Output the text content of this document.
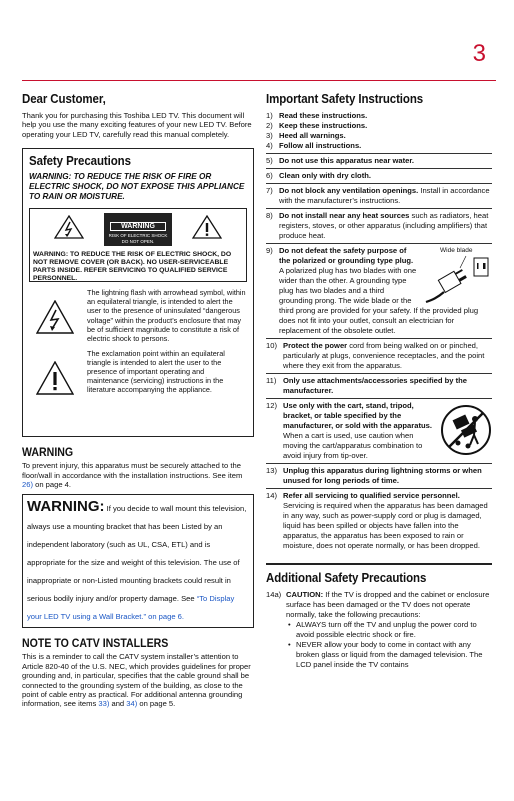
3
Dear Customer,

Thank you for purchasing this Toshiba LED TV. This document will help you use the many exciting features of your new LED TV. Before operating your LED TV, carefully read this manual completely.

Safety Precautions
WARNING: TO REDUCE THE RISK OF FIRE OR ELECTRIC SHOCK, DO NOT EXPOSE THIS APPLIANCE TO RAIN OR MOISTURE.
WARNING
RISK OF ELECTRIC SHOCK
DO NOT OPEN.
WARNING: TO REDUCE THE RISK OF ELECTRIC SHOCK, DO NOT REMOVE COVER (OR BACK). NO USER-SERVICEABLE PARTS INSIDE. REFER SERVICING TO QUALIFIED SERVICE PERSONNEL.
The lightning flash with arrowhead symbol, within an equilateral triangle, is intended to alert the user to the presence of uninsulated “dangerous voltage” within the product’s enclosure that may be of sufficient magnitude to constitute a risk of electric shock to persons.
The exclamation point within an equilateral triangle is intended to alert the user to the presence of important operating and maintenance (servicing) instructions in the literature accompanying the appliance.
WARNING

To prevent injury, this apparatus must be securely attached to the floor/wall in accordance with the installation instructions. See item 26) on page 4.

WARNING:

If you decide to wall mount this television, always use a mounting bracket that has been Listed by an independent laboratory (such as UL, CSA, ETL) and is appropriate for the size and weight of this television. The use of inappropriate or non-Listed mounting brackets could result in serious bodily injury and/or property damage. See “To Display your LED TV using a Wall Bracket.” on page 6.

NOTE TO CATV INSTALLERS

This is a reminder to call the CATV system installer’s attention to Article 820-40 of the U.S. NEC, which provides guidelines for proper grounding and, in particular, specifies that the cable ground shall be connected to the grounding system of the building, as close to the point of cable entry as practical. For additional antenna grounding information, see items 33) and 34) on page 5.

Important Safety Instructions
1) Read these instructions.
2) Keep these instructions.
3) Heed all warnings.
4) Follow all instructions.
5) Do not use this apparatus near water.
6) Clean only with dry cloth.
7) Do not block any ventilation openings. Install in accordance with the manufacturer’s instructions.
8) Do not install near any heat sources such as radiators, heat registers, stoves, or other apparatus (including amplifiers) that produce heat.
9)	Wide blade
Do not defeat the safety purpose of the polarized or grounding type plug. A polarized plug has two blades with one wider than the other. A grounding type plug has two blades and a third grounding prong. The wide blade or the third prong are provided for your safety. If the provided plug does not fit into your outlet, consult an electrician for replacement of the obsolete outlet.
10) Protect the power cord from being walked on or pinched, particularly at plugs, convenience receptacles, and the point where they exit from the apparatus.
11) Only use attachments/accessories specified by the manufacturer.
12) Use only with the cart, stand, tripod, bracket, or table specified by the manufacturer, or sold with the apparatus. When a cart is used, use caution when moving the cart/apparatus combination to avoid injury from tip-over.
13) Unplug this apparatus during lightning storms or when unused for long periods of time.
14) Refer all servicing to qualified service personnel. Servicing is required when the apparatus has been damaged in any way, such as power-supply cord or plug is damaged, liquid has been spilled or objects have fallen into the apparatus, the apparatus has been exposed to rain or moisture, does not operate normally, or has been dropped.
Additional Safety Precautions
14a) CAUTION: If the TV is dropped and the cabinet or enclosure surface has been damaged or the TV does not operate normally, take the following precautions:
• ALWAYS turn off the TV and unplug the power cord to avoid possible electric shock or fire.
• NEVER allow your body to come in contact with any broken glass or liquid from the damaged television. The LCD panel inside the TV contains
